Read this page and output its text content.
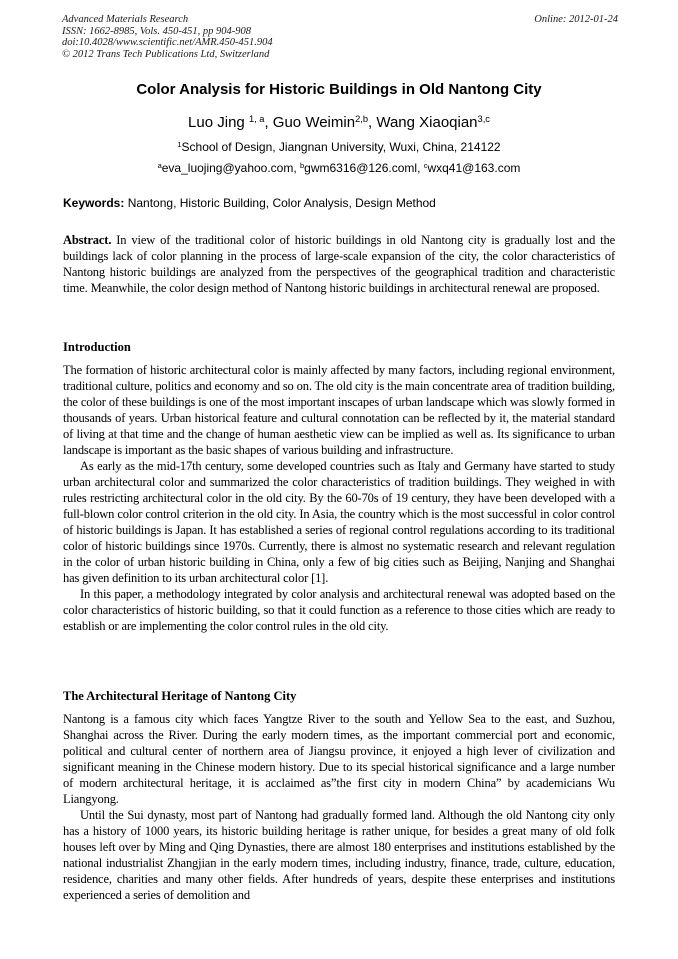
Advanced Materials Research
ISSN: 1662-8985, Vols. 450-451, pp 904-908
doi:10.4028/www.scientific.net/AMR.450-451.904
© 2012 Trans Tech Publications Ltd, Switzerland
Online: 2012-01-24
Color Analysis for Historic Buildings in Old Nantong City
Luo Jing $^{1, a}$, Guo Weimin$^{2,b}$, Wang Xiaoqian$^{3,c}$
$^1$School of Design, Jiangnan University, Wuxi, China, 214122
$^a$eva_luojing@yahoo.com, $^b$gwm6316@126.coml, $^c$wxq41@163.com
Keywords: Nantong, Historic Building, Color Analysis, Design Method

Abstract. In view of the traditional color of historic buildings in old Nantong city is gradually lost and the buildings lack of color planning in the process of large-scale expansion of the city, the color characteristics of Nantong historic buildings are analyzed from the perspectives of the geographical tradition and characteristic time. Meanwhile, the color design method of Nantong historic buildings in architectural renewal are proposed.

Introduction

The formation of historic architectural color is mainly affected by many factors, including regional environment, traditional culture, politics and economy and so on. The old city is the main concentrate area of tradition building, the color of these buildings is one of the most important inscapes of urban landscape which was slowly formed in thousands of years. Urban historical feature and cultural connotation can be reflected by it, the material standard of living at that time and the change of human aesthetic view can be implied as well as. Its significance to urban landscape is important as the basic shapes of various building and infrastructure.

As early as the mid-17th century, some developed countries such as Italy and Germany have started to study urban architectural color and summarized the color characteristics of tradition buildings. They weighed in with rules restricting architectural color in the old city. By the 60-70s of 19 century, they have been developed with a full-blown color control criterion in the old city. In Asia, the country which is the most successful in color control of historic buildings is Japan. It has established a series of regional control regulations according to its traditional color of historic buildings since 1970s. Currently, there is almost no systematic research and relevant regulation in the color of urban historic building in China, only a few of big cities such as Beijing, Nanjing and Shanghai has given definition to its urban architectural color [1].

In this paper, a methodology integrated by color analysis and architectural renewal was adopted based on the color characteristics of historic building, so that it could function as a reference to those cities which are ready to establish or are implementing the color control rules in the old city.

The Architectural Heritage of Nantong City

Nantong is a famous city which faces Yangtze River to the south and Yellow Sea to the east, and Suzhou, Shanghai across the River. During the early modern times, as the important commercial port and economic, political and cultural center of northern area of Jiangsu province, it enjoyed a high lever of civilization and significant meaning in the Chinese modern history. Due to its special historical significance and a large number of modern architectural heritage, it is acclaimed as”the first city in modern China” by academicians Wu Liangyong.

Until the Sui dynasty, most part of Nantong had gradually formed land. Although the old Nantong city only has a history of 1000 years, its historic building heritage is rather unique, for besides a great many of old folk houses left over by Ming and Qing Dynasties, there are almost 180 enterprises and institutions established by the national industrialist Zhangjian in the early modern times, including industry, finance, trade, culture, education, residence, charities and many other fields. After hundreds of years, despite these enterprises and institutions experienced a series of demolition and
